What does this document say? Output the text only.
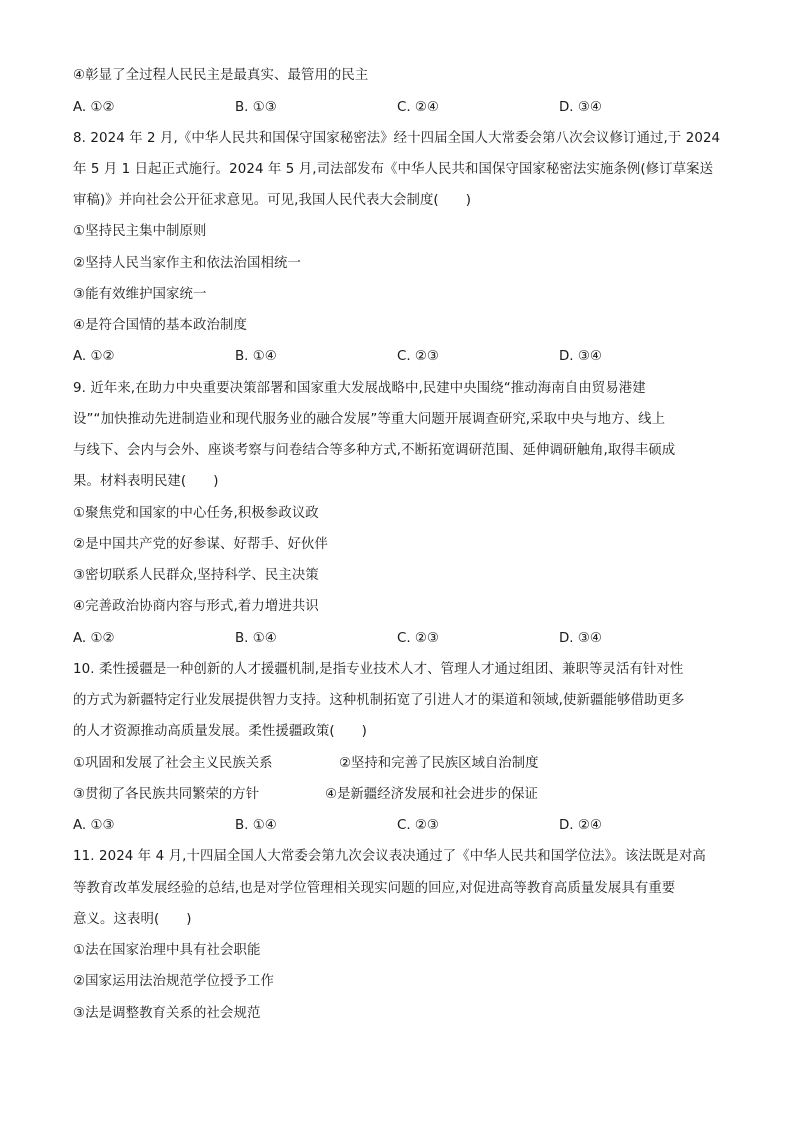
④彰显了全过程人民民主是最真实、最管用的民主
A. ①②	B. ①③	C. ②④	D. ③④
8. 2024 年 2 月,《中华人民共和国保守国家秘密法》经十四届全国人大常委会第八次会议修订通过,于 2024
年 5 月 1 日起正式施行。2024 年 5 月,司法部发布《中华人民共和国保守国家秘密法实施条例(修订草案送
审稿)》并向社会公开征求意见。可见,我国人民代表大会制度(　　)
①坚持民主集中制原则
②坚持人民当家作主和依法治国相统一
③能有效维护国家统一
④是符合国情的基本政治制度
A. ①②	B. ①④	C. ②③	D. ③④
9. 近年来,在助力中央重要决策部署和国家重大发展战略中,民建中央围绕“推动海南自由贸易港建
设”“加快推动先进制造业和现代服务业的融合发展”等重大问题开展调查研究,采取中央与地方、线上
与线下、会内与会外、座谈考察与问卷结合等多种方式,不断拓宽调研范围、延伸调研触角,取得丰硕成
果。材料表明民建(　　)
①聚焦党和国家的中心任务,积极参政议政
②是中国共产党的好参谋、好帮手、好伙伴
③密切联系人民群众,坚持科学、民主决策
④完善政治协商内容与形式,着力增进共识
A. ①②	B. ①④	C. ②③	D. ③④
10. 柔性援疆是一种创新的人才援疆机制,是指专业技术人才、管理人才通过组团、兼职等灵活有针对性
的方式为新疆特定行业发展提供智力支持。这种机制拓宽了引进人才的渠道和领域,使新疆能够借助更多
的人才资源推动高质量发展。柔性援疆政策(　　)
①巩固和发展了社会主义民族关系	②坚持和完善了民族区域自治制度
③贯彻了各民族共同繁荣的方针	④是新疆经济发展和社会进步的保证
A. ①③	B. ①④	C. ②③	D. ②④
11. 2024 年 4 月,十四届全国人大常委会第九次会议表决通过了《中华人民共和国学位法》。该法既是对高
等教育改革发展经验的总结,也是对学位管理相关现实问题的回应,对促进高等教育高质量发展具有重要
意义。这表明(　　)
①法在国家治理中具有社会职能
②国家运用法治规范学位授予工作
③法是调整教育关系的社会规范
